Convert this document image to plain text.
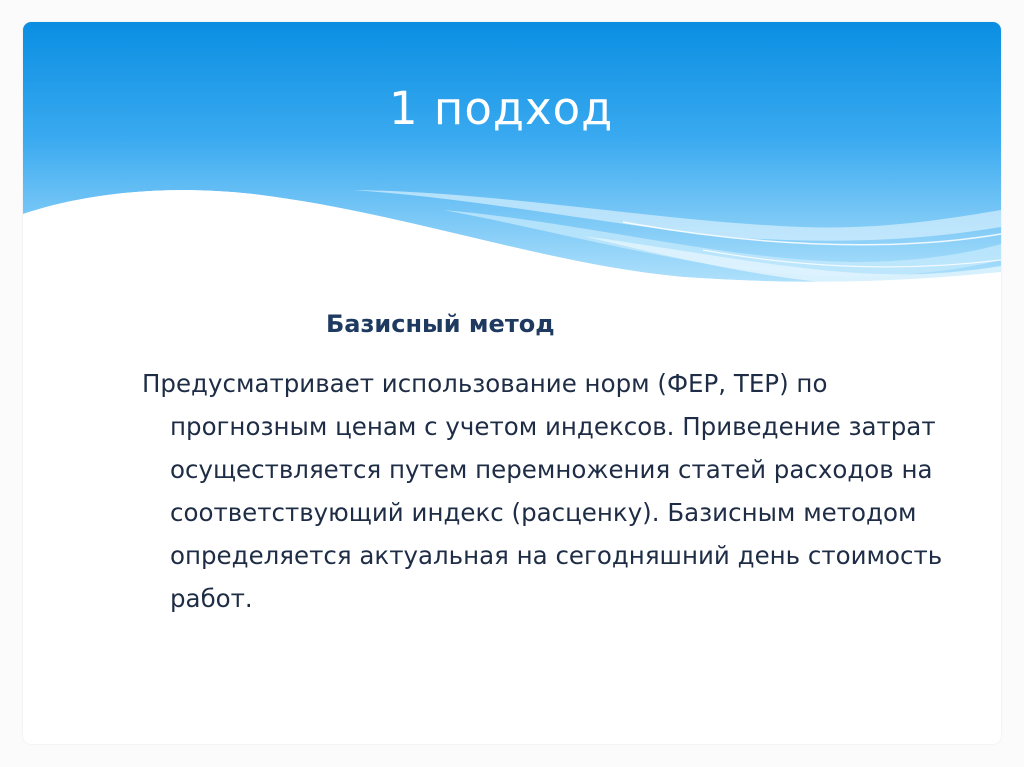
1 подход
Базисный метод

Предусматривает использование норм (ФЕР, ТЕР) по прогнозным ценам с учетом индексов. Приведение затрат осуществляется путем перемножения статей расходов на соответствующий индекс (расценку). Базисным методом определяется актуальная на сегодняшний день стоимость работ.
